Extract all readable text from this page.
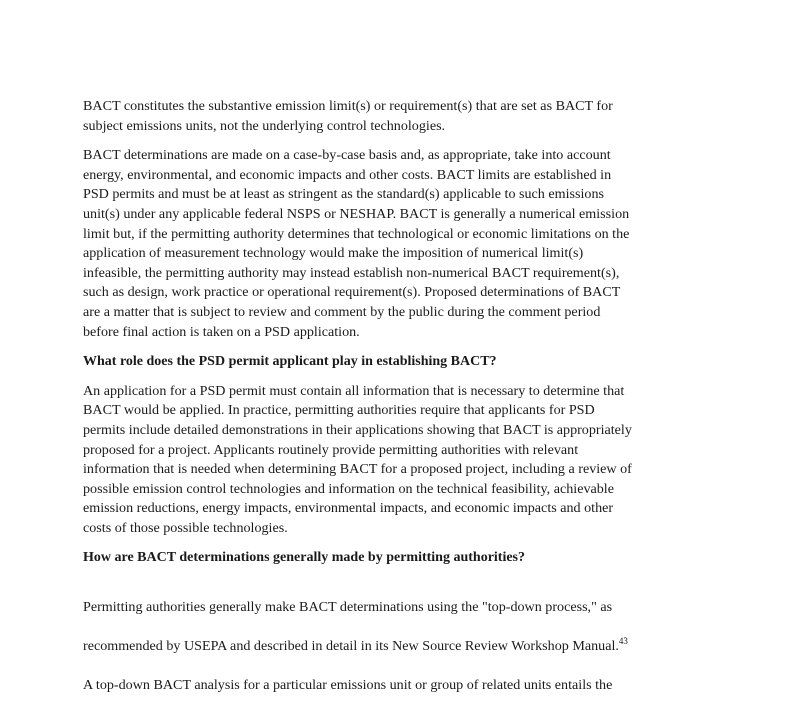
BACT constitutes the substantive emission limit(s) or requirement(s) that are set as BACT for
subject emissions units, not the underlying control technologies.

BACT determinations are made on a case-by-case basis and, as appropriate, take into account
energy, environmental, and economic impacts and other costs. BACT limits are established in
PSD permits and must be at least as stringent as the standard(s) applicable to such emissions
unit(s) under any applicable federal NSPS or NESHAP. BACT is generally a numerical emission
limit but, if the permitting authority determines that technological or economic limitations on the
application of measurement technology would make the imposition of numerical limit(s)
infeasible, the permitting authority may instead establish non-numerical BACT requirement(s),
such as design, work practice or operational requirement(s). Proposed determinations of BACT
are a matter that is subject to review and comment by the public during the comment period
before final action is taken on a PSD application.

What role does the PSD permit applicant play in establishing BACT?

An application for a PSD permit must contain all information that is necessary to determine that
BACT would be applied. In practice, permitting authorities require that applicants for PSD
permits include detailed demonstrations in their applications showing that BACT is appropriately
proposed for a project. Applicants routinely provide permitting authorities with relevant
information that is needed when determining BACT for a proposed project, including a review of
possible emission control technologies and information on the technical feasibility, achievable
emission reductions, energy impacts, environmental impacts, and economic impacts and other
costs of those possible technologies.

How are BACT determinations generally made by permitting authorities?

Permitting authorities generally make BACT determinations using the "top-down process," as

recommended by USEPA and described in detail in its New Source Review Workshop Manual.$^{43}$

A top-down BACT analysis for a particular emissions unit or group of related units entails the
